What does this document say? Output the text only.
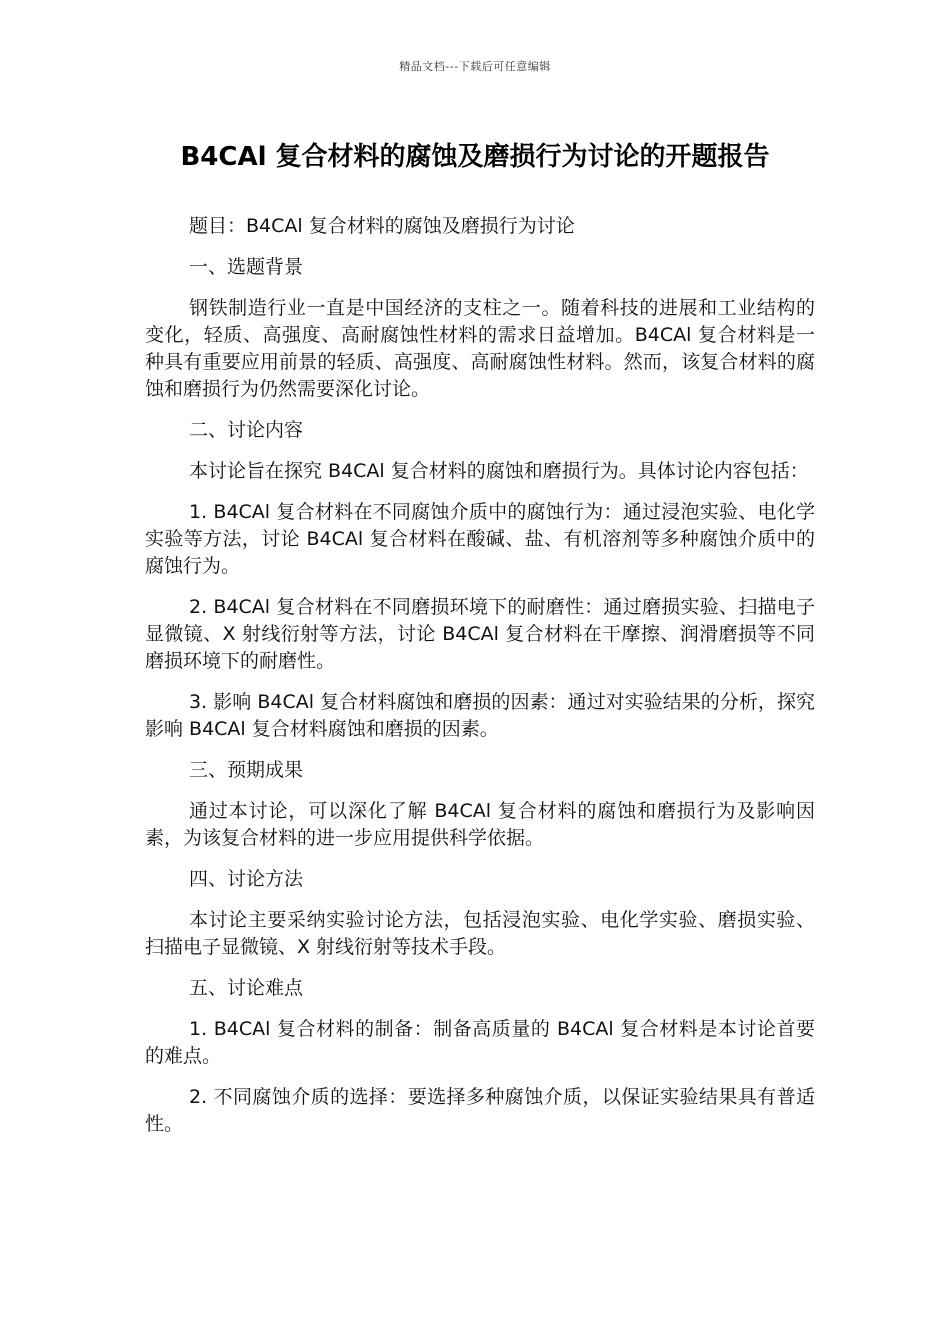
精品文档---下载后可任意编辑
B4CAl 复合材料的腐蚀及磨损行为讨论的开题报告

题目：B4CAl 复合材料的腐蚀及磨损行为讨论

一、选题背景

钢铁制造行业一直是中国经济的支柱之一。随着科技的进展和工业结构的变化，轻质、高强度、高耐腐蚀性材料的需求日益增加。B4CAl 复合材料是一种具有重要应用前景的轻质、高强度、高耐腐蚀性材料。然而，该复合材料的腐蚀和磨损行为仍然需要深化讨论。

二、讨论内容

本讨论旨在探究 B4CAl 复合材料的腐蚀和磨损行为。具体讨论内容包括：

1. B4CAl 复合材料在不同腐蚀介质中的腐蚀行为：通过浸泡实验、电化学实验等方法，讨论 B4CAl 复合材料在酸碱、盐、有机溶剂等多种腐蚀介质中的腐蚀行为。

2. B4CAl 复合材料在不同磨损环境下的耐磨性：通过磨损实验、扫描电子显微镜、X 射线衍射等方法，讨论 B4CAl 复合材料在干摩擦、润滑磨损等不同磨损环境下的耐磨性。

3. 影响 B4CAl 复合材料腐蚀和磨损的因素：通过对实验结果的分析，探究影响 B4CAl 复合材料腐蚀和磨损的因素。

三、预期成果

通过本讨论，可以深化了解 B4CAl 复合材料的腐蚀和磨损行为及影响因素，为该复合材料的进一步应用提供科学依据。

四、讨论方法

本讨论主要采纳实验讨论方法，包括浸泡实验、电化学实验、磨损实验、扫描电子显微镜、X 射线衍射等技术手段。

五、讨论难点

1. B4CAl 复合材料的制备：制备高质量的 B4CAl 复合材料是本讨论首要的难点。

2. 不同腐蚀介质的选择：要选择多种腐蚀介质，以保证实验结果具有普适性。
